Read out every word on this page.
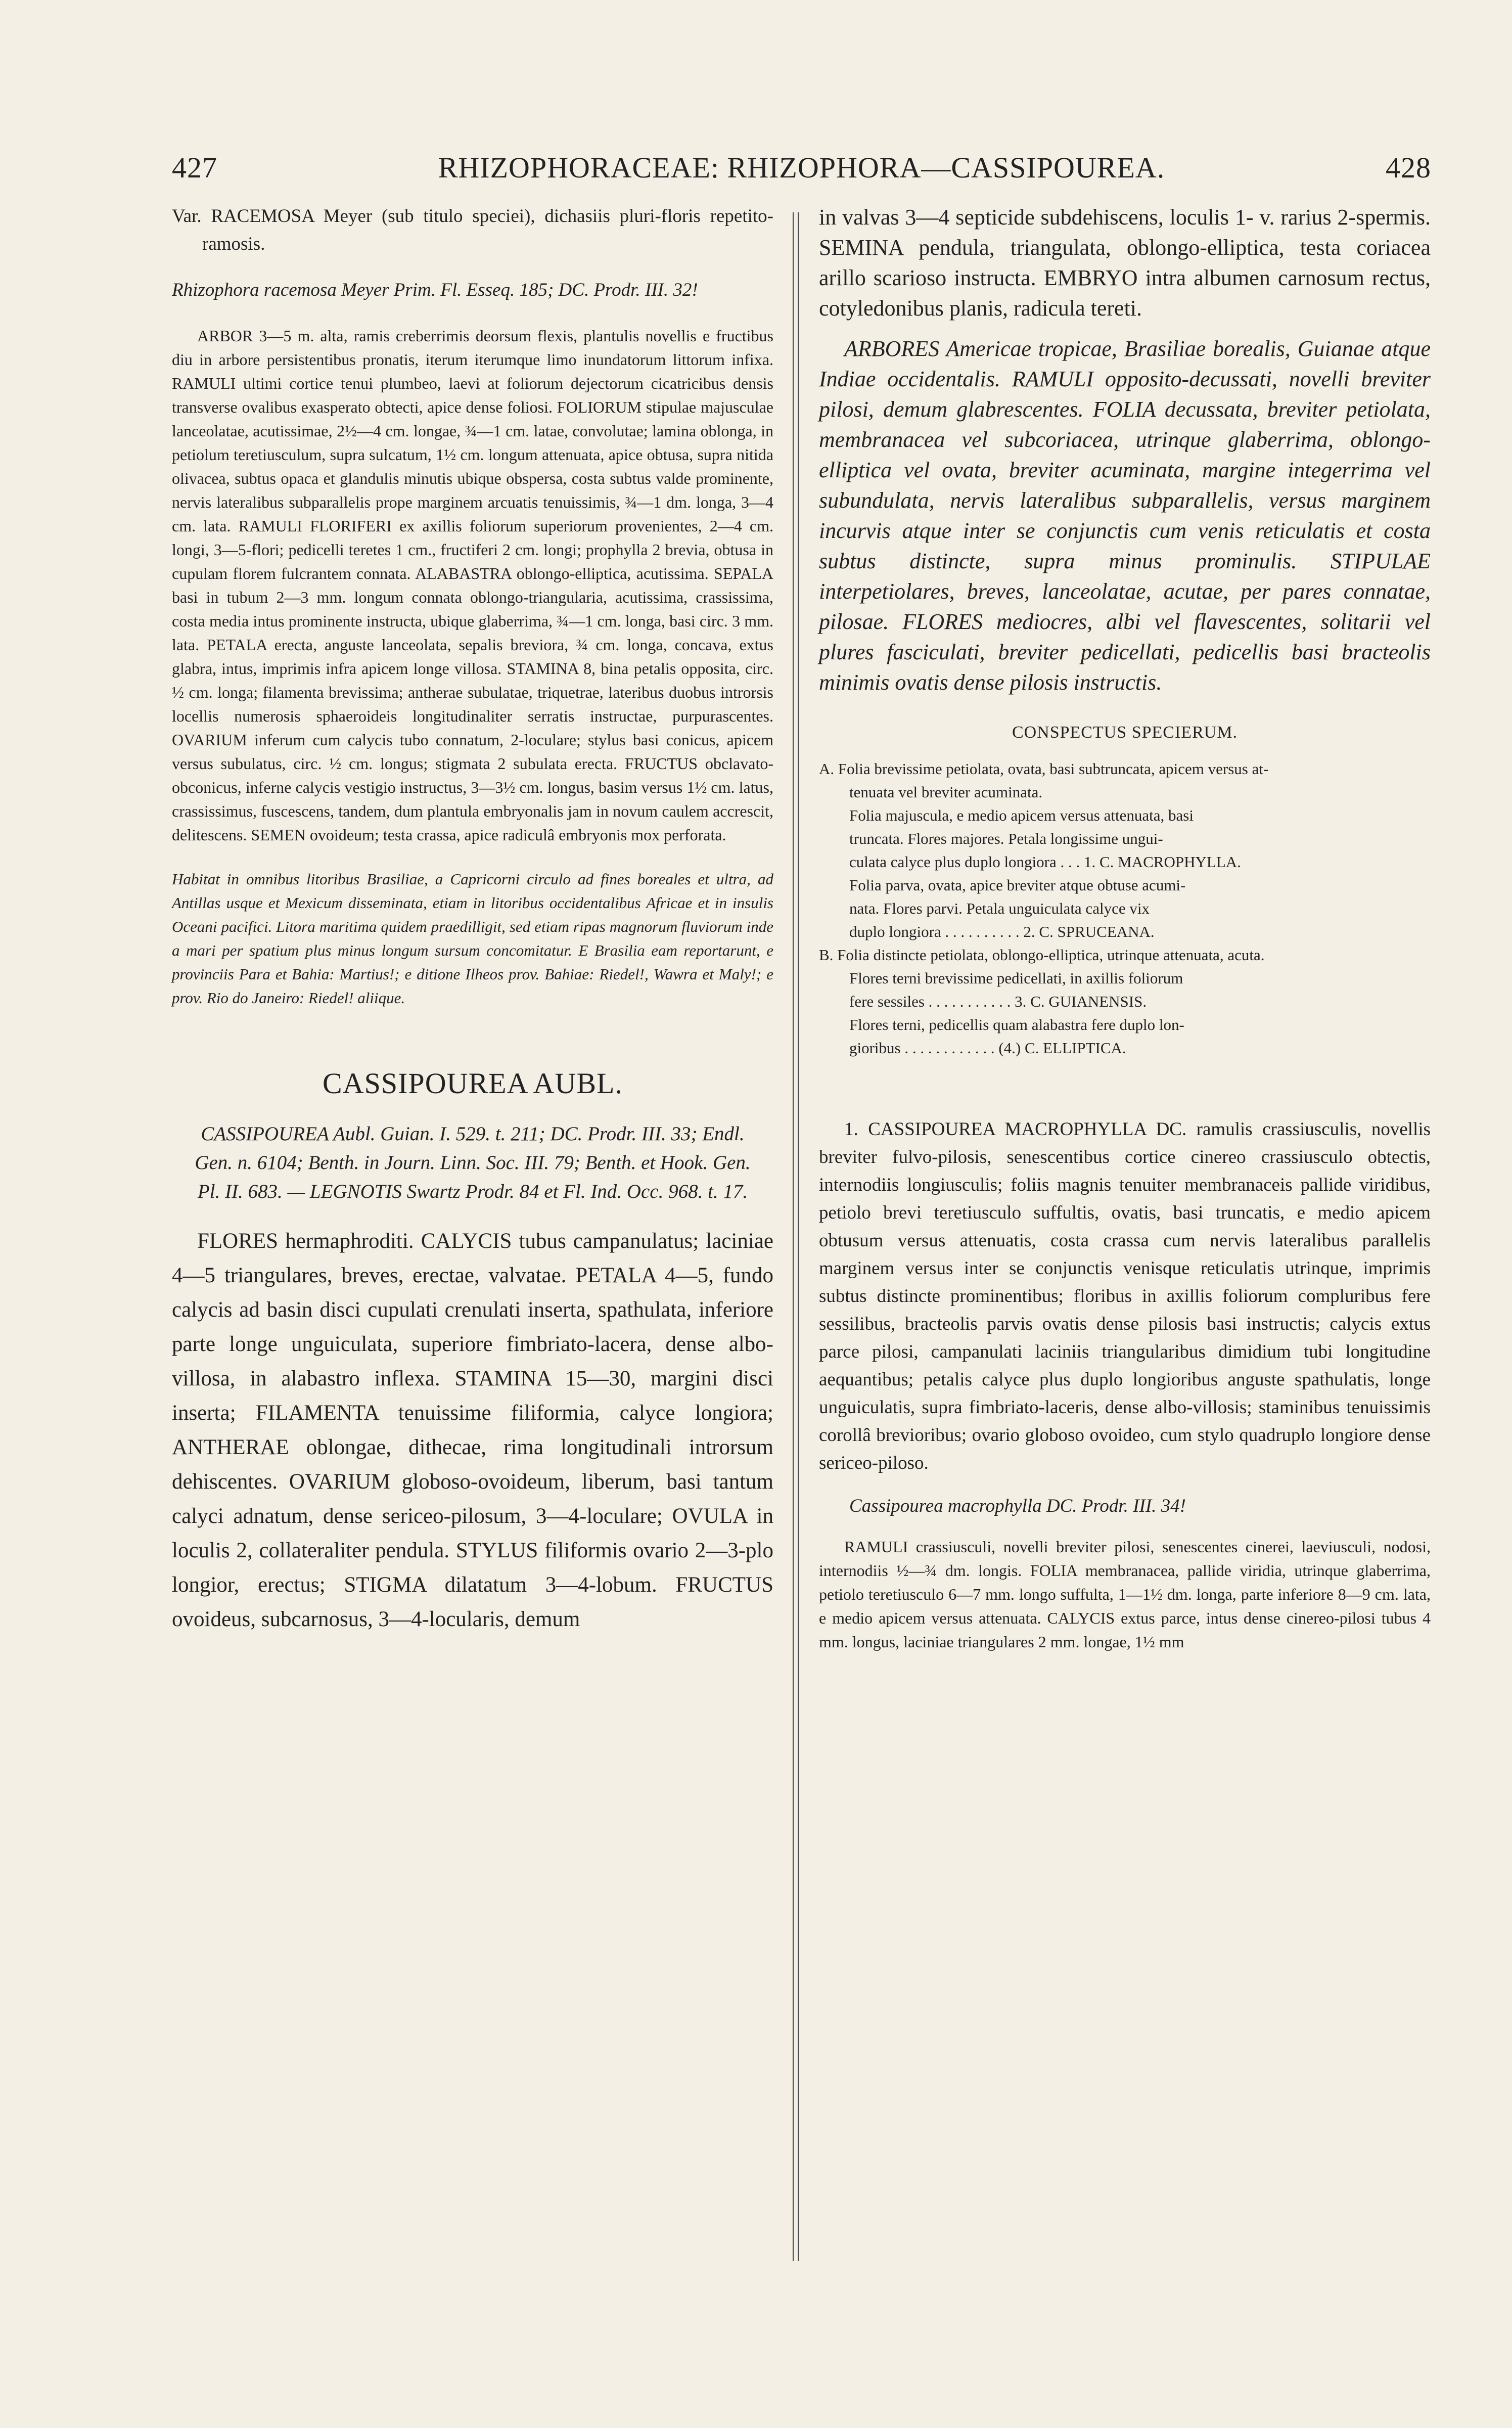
427	RHIZOPHORACEAE: RHIZOPHORA—CASSIPOUREA.	428

Var. RACEMOSA Meyer (sub titulo speciei), dichasiis pluri-floris repetito-ramosis.

Rhizophora racemosa Meyer Prim. Fl. Esseq. 185; DC. Prodr. III. 32!

ARBOR 3—5 m. alta, ramis creberrimis deorsum flexis, plantulis novellis e fructibus diu in arbore persistentibus pronatis, iterum iterumque limo inundatorum littorum infixa. RAMULI ultimi cortice tenui plumbeo, laevi at foliorum dejectorum cicatricibus densis transverse ovalibus exasperato obtecti, apice dense foliosi. FOLIORUM stipulae majusculae lanceolatae, acutissimae, 2½—4 cm. longae, ¾—1 cm. latae, convolutae; lamina oblonga, in petiolum teretiusculum, supra sulcatum, 1½ cm. longum attenuata, apice obtusa, supra nitida olivacea, subtus opaca et glandulis minutis ubique obspersa, costa subtus valde prominente, nervis lateralibus subparallelis prope marginem arcuatis tenuissimis, ¾—1 dm. longa, 3—4 cm. lata. RAMULI FLORIFERI ex axillis foliorum superiorum provenientes, 2—4 cm. longi, 3—5-flori; pedicelli teretes 1 cm., fructiferi 2 cm. longi; prophylla 2 brevia, obtusa in cupulam florem fulcrantem connata. ALABASTRA oblongo-elliptica, acutissima. SEPALA basi in tubum 2—3 mm. longum connata oblongo-triangularia, acutissima, crassissima, costa media intus prominente instructa, ubique glaberrima, ¾—1 cm. longa, basi circ. 3 mm. lata. PETALA erecta, anguste lanceolata, sepalis breviora, ¾ cm. longa, concava, extus glabra, intus, imprimis infra apicem longe villosa. STAMINA 8, bina petalis opposita, circ. ½ cm. longa; filamenta brevissima; antherae subulatae, triquetrae, lateribus duobus introrsis locellis numerosis sphaeroideis longitudinaliter serratis instructae, purpurascentes. OVARIUM inferum cum calycis tubo connatum, 2-loculare; stylus basi conicus, apicem versus subulatus, circ. ½ cm. longus; stigmata 2 subulata erecta. FRUCTUS obclavato-obconicus, inferne calycis vestigio instructus, 3—3½ cm. longus, basim versus 1½ cm. latus, crassissimus, fuscescens, tandem, dum plantula embryonalis jam in novum caulem accrescit, delitescens. SEMEN ovoideum; testa crassa, apice radiculâ embryonis mox perforata.

Habitat in omnibus litoribus Brasiliae, a Capricorni circulo ad fines boreales et ultra, ad Antillas usque et Mexicum disseminata, etiam in litoribus occidentalibus Africae et in insulis Oceani pacifici. Litora maritima quidem praedilligit, sed etiam ripas magnorum fluviorum inde a mari per spatium plus minus longum sursum concomitatur. E Brasilia eam reportarunt, e provinciis Para et Bahia: Martius!; e ditione Ilheos prov. Bahiae: Riedel!, Wawra et Maly!; e prov. Rio do Janeiro: Riedel! aliique.

CASSIPOUREA AUBL.

CASSIPOUREA Aubl. Guian. I. 529. t. 211; DC. Prodr. III. 33; Endl. Gen. n. 6104; Benth. in Journ. Linn. Soc. III. 79; Benth. et Hook. Gen. Pl. II. 683. — LEGNOTIS Swartz Prodr. 84 et Fl. Ind. Occ. 968. t. 17.

FLORES hermaphroditi. CALYCIS tubus campanulatus; laciniae 4—5 triangulares, breves, erectae, valvatae. PETALA 4—5, fundo calycis ad basin disci cupulati crenulati inserta, spathulata, inferiore parte longe unguiculata, superiore fimbriato-lacera, dense albo-villosa, in alabastro inflexa. STAMINA 15—30, margini disci inserta; FILAMENTA tenuissime filiformia, calyce longiora; ANTHERAE oblongae, dithecae, rima longitudinali introrsum dehiscentes. OVARIUM globoso-ovoideum, liberum, basi tantum calyci adnatum, dense sericeo-pilosum, 3—4-loculare; OVULA in loculis 2, collateraliter pendula. STYLUS filiformis ovario 2—3-plo longior, erectus; STIGMA dilatatum 3—4-lobum. FRUCTUS ovoideus, subcarnosus, 3—4-locularis, demum

in valvas 3—4 septicide subdehiscens, loculis 1- v. rarius 2-spermis. SEMINA pendula, triangulata, oblongo-elliptica, testa coriacea arillo scarioso instructa. EMBRYO intra albumen carnosum rectus, cotyledonibus planis, radicula tereti.

ARBORES Americae tropicae, Brasiliae borealis, Guianae atque Indiae occidentalis. RAMULI opposito-decussati, novelli breviter pilosi, demum glabrescentes. FOLIA decussata, breviter petiolata, membranacea vel subcoriacea, utrinque glaberrima, oblongo-elliptica vel ovata, breviter acuminata, margine integerrima vel subundulata, nervis lateralibus subparallelis, versus marginem incurvis atque inter se conjunctis cum venis reticulatis et costa subtus distincte, supra minus prominulis. STIPULAE interpetiolares, breves, lanceolatae, acutae, per pares connatae, pilosae. FLORES mediocres, albi vel flavescentes, solitarii vel plures fasciculati, breviter pedicellati, pedicellis basi bracteolis minimis ovatis dense pilosis instructis.

CONSPECTUS SPECIERUM.
A. Folia brevissime petiolata, ovata, basi subtruncata, apicem versus at-
tenuata vel breviter acuminata.
Folia majuscula, e medio apicem versus attenuata, basi
truncata. Flores majores. Petala longissime ungui-
culata calyce plus duplo longiora . . . 1. C. MACROPHYLLA.
Folia parva, ovata, apice breviter atque obtuse acumi-
nata. Flores parvi. Petala unguiculata calyce vix
duplo longiora . . . . . . . . . . 2. C. SPRUCEANA.
B. Folia distincte petiolata, oblongo-elliptica, utrinque attenuata, acuta.
Flores terni brevissime pedicellati, in axillis foliorum
fere sessiles . . . . . . . . . . . 3. C. GUIANENSIS.
Flores terni, pedicellis quam alabastra fere duplo lon-
gioribus . . . . . . . . . . . . (4.) C. ELLIPTICA.

1. CASSIPOUREA MACROPHYLLA DC. ramulis crassiusculis, novellis breviter fulvo-pilosis, senescentibus cortice cinereo crassiusculo obtectis, internodiis longiusculis; foliis magnis tenuiter membranaceis pallide viridibus, petiolo brevi teretiusculo suffultis, ovatis, basi truncatis, e medio apicem obtusum versus attenuatis, costa crassa cum nervis lateralibus parallelis marginem versus inter se conjunctis venisque reticulatis utrinque, imprimis subtus distincte prominentibus; floribus in axillis foliorum compluribus fere sessilibus, bracteolis parvis ovatis dense pilosis basi instructis; calycis extus parce pilosi, campanulati laciniis triangularibus dimidium tubi longitudine aequantibus; petalis calyce plus duplo longioribus anguste spathulatis, longe unguiculatis, supra fimbriato-laceris, dense albo-villosis; staminibus tenuissimis corollâ brevioribus; ovario globoso ovoideo, cum stylo quadruplo longiore dense sericeo-piloso.

Cassipourea macrophylla DC. Prodr. III. 34!

RAMULI crassiusculi, novelli breviter pilosi, senescentes cinerei, laeviusculi, nodosi, internodiis ½—¾ dm. longis. FOLIA membranacea, pallide viridia, utrinque glaberrima, petiolo teretiusculo 6—7 mm. longo suffulta, 1—1½ dm. longa, parte inferiore 8—9 cm. lata, e medio apicem versus attenuata. CALYCIS extus parce, intus dense cinereo-pilosi tubus 4 mm. longus, laciniae triangulares 2 mm. longae, 1½ mm
